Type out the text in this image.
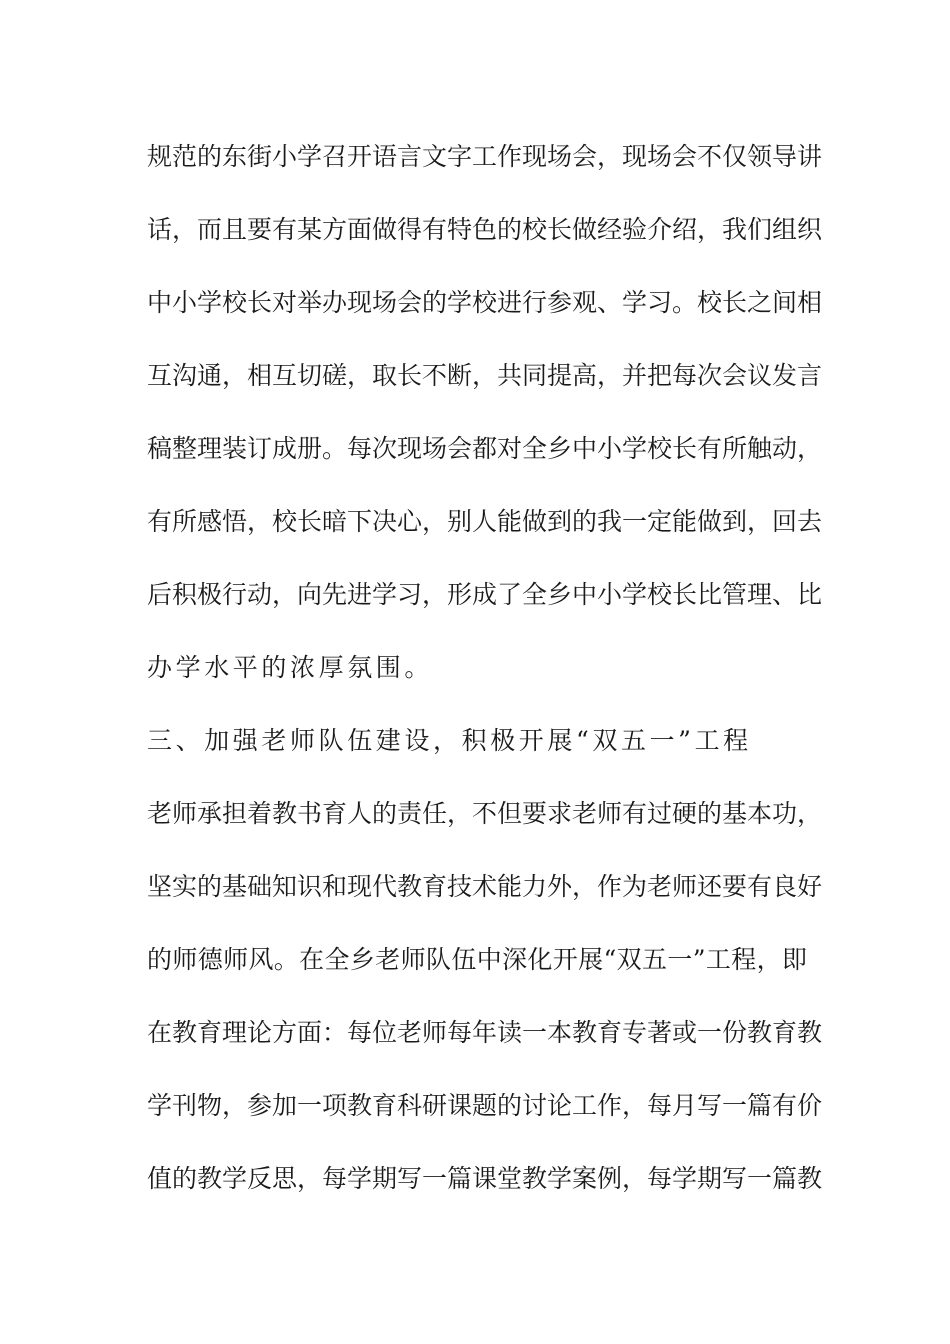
规范的东街小学召开语言文字工作现场会，现场会不仅领导讲
话，而且要有某方面做得有特色的校长做经验介绍，我们组织
中小学校长对举办现场会的学校进行参观、学习。校长之间相
互沟通，相互切磋，取长不断，共同提高，并把每次会议发言
稿整理装订成册。每次现场会都对全乡中小学校长有所触动，
有所感悟，校长暗下决心，别人能做到的我一定能做到，回去
后积极行动，向先进学习，形成了全乡中小学校长比管理、比
办学水平的浓厚氛围。
三、加强老师队伍建设，积极开展“双五一”工程
老师承担着教书育人的责任，不但要求老师有过硬的基本功，
坚实的基础知识和现代教育技术能力外，作为老师还要有良好
的师德师风。在全乡老师队伍中深化开展“双五一”工程，即
在教育理论方面：每位老师每年读一本教育专著或一份教育教
学刊物，参加一项教育科研课题的讨论工作，每月写一篇有价
值的教学反思，每学期写一篇课堂教学案例，每学期写一篇教
